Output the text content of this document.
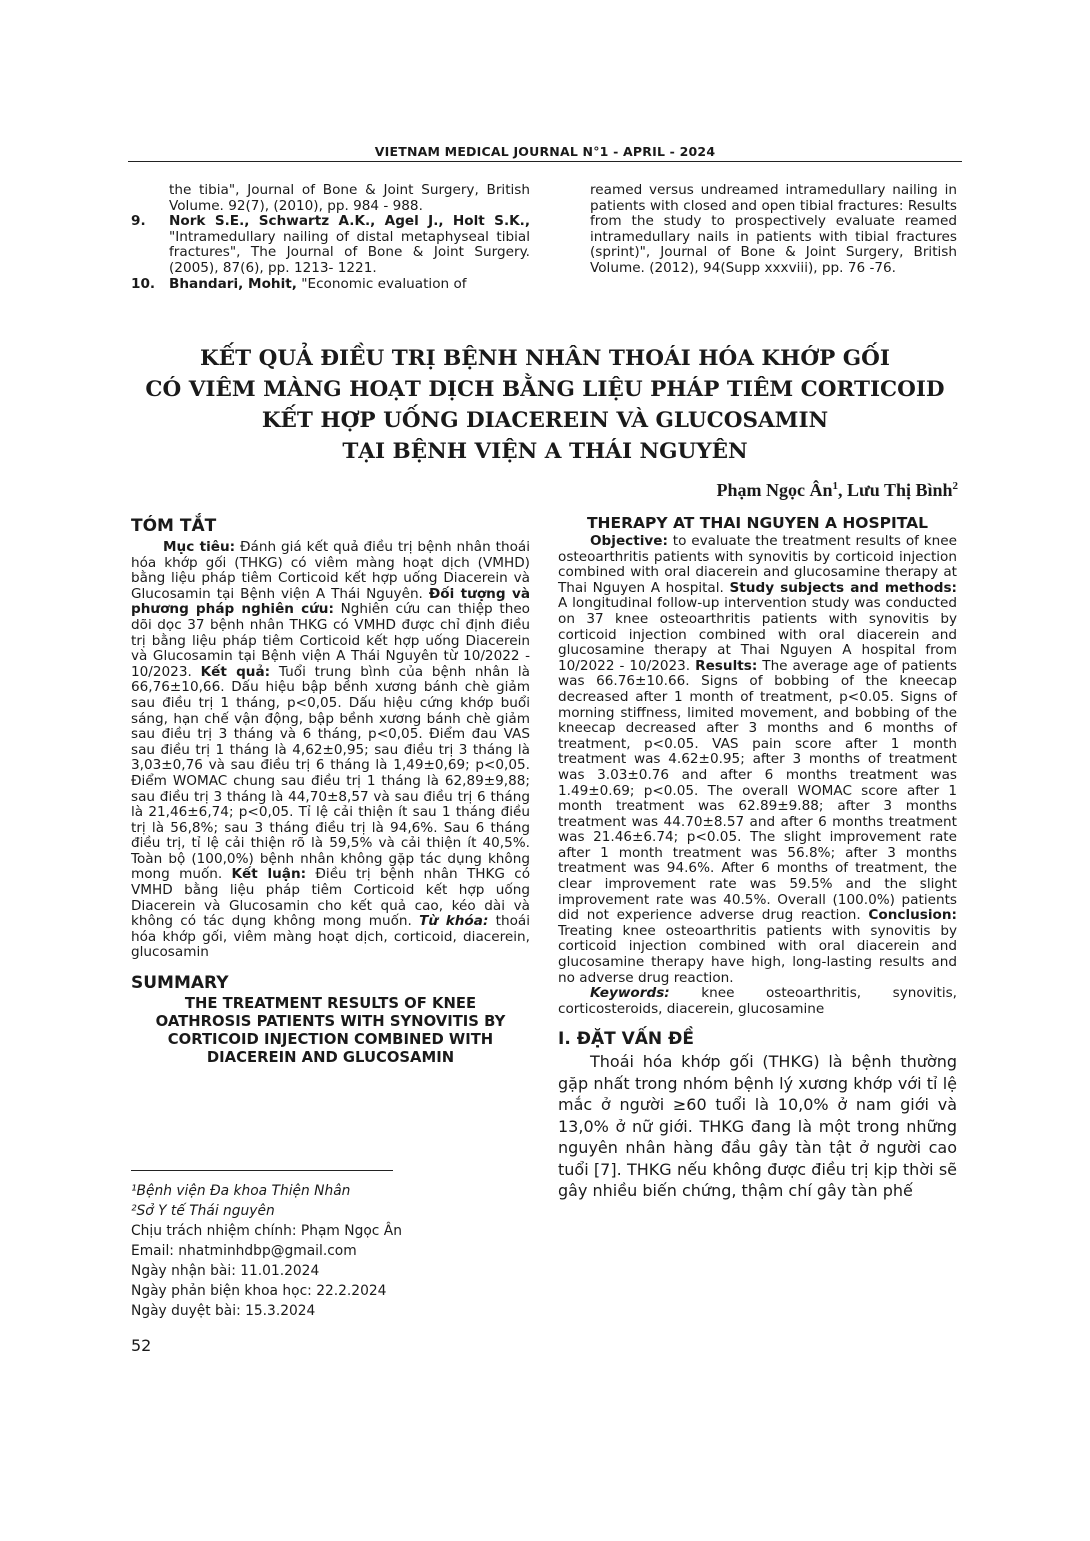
VIETNAM MEDICAL JOURNAL N°1 - APRIL - 2024

the tibia", Journal of Bone & Joint Surgery, British Volume. 92(7), (2010), pp. 984 - 988.

9. Nork S.E., Schwartz A.K., Agel J., Holt S.K., "Intramedullary nailing of distal metaphyseal tibial fractures", The Journal of Bone & Joint Surgery. (2005), 87(6), pp. 1213- 1221.

10. Bhandari, Mohit, "Economic evaluation of

reamed versus undreamed intramedullary nailing in patients with closed and open tibial fractures: Results from the study to prospectively evaluate reamed intramedullary nails in patients with tibial fractures (sprint)", Journal of Bone & Joint Surgery, British Volume. (2012), 94(Supp xxxviii), pp. 76 -76.

KẾT QUẢ ĐIỀU TRỊ BỆNH NHÂN THOÁI HÓA KHỚP GỐI
CÓ VIÊM MÀNG HOẠT DỊCH BẰNG LIỆU PHÁP TIÊM CORTICOID
KẾT HỢP UỐNG DIACEREIN VÀ GLUCOSAMIN
TẠI BỆNH VIỆN A THÁI NGUYÊN
Phạm Ngọc $Ân^1$, Lưu Thị Bình$^2$

TÓM TẮT

Mục tiêu: Đánh giá kết quả điều trị bệnh nhân thoái hóa khớp gối (THKG) có viêm màng hoạt dịch (VMHD) bằng liệu pháp tiêm Corticoid kết hợp uống Diacerein và Glucosamin tại Bệnh viện A Thái Nguyên. Đối tượng và phương pháp nghiên cứu: Nghiên cứu can thiệp theo dõi dọc 37 bệnh nhân THKG có VMHD được chỉ định điều trị bằng liệu pháp tiêm Corticoid kết hợp uống Diacerein và Glucosamin tại Bệnh viện A Thái Nguyên từ 10/2022 - 10/2023. Kết quả: Tuổi trung bình của bệnh nhân là 66,76±10,66. Dấu hiệu bập bềnh xương bánh chè giảm sau điều trị 1 tháng, p<0,05. Dấu hiệu cứng khớp buổi sáng, hạn chế vận động, bập bềnh xương bánh chè giảm sau điều trị 3 tháng và 6 tháng, p<0,05. Điểm đau VAS sau điều trị 1 tháng là 4,62±0,95; sau điều trị 3 tháng là 3,03±0,76 và sau điều trị 6 tháng là 1,49±0,69; p<0,05. Điểm WOMAC chung sau điều trị 1 tháng là 62,89±9,88; sau điều trị 3 tháng là 44,70±8,57 và sau điều trị 6 tháng là 21,46±6,74; p<0,05. Tỉ lệ cải thiện ít sau 1 tháng điều trị là 56,8%; sau 3 tháng điều trị là 94,6%. Sau 6 tháng điều trị, tỉ lệ cải thiện rõ là 59,5% và cải thiện ít 40,5%. Toàn bộ (100,0%) bệnh nhân không gặp tác dụng không mong muốn. Kết luận: Điều trị bệnh nhân THKG có VMHD bằng liệu pháp tiêm Corticoid kết hợp uống Diacerein và Glucosamin cho kết quả cao, kéo dài và không có tác dụng không mong muốn. Từ khóa: thoái hóa khớp gối, viêm màng hoạt dịch, corticoid, diacerein, glucosamin

SUMMARY

THE TREATMENT RESULTS OF KNEE OATHROSIS PATIENTS WITH SYNOVITIS BY CORTICOID INJECTION COMBINED WITH DIACEREIN AND GLUCOSAMIN
¹Bệnh viện Đa khoa Thiện Nhân
²Sở Y tế Thái nguyên
Chịu trách nhiệm chính: Phạm Ngọc Ân
Email: nhatminhdbp@gmail.com
Ngày nhận bài: 11.01.2024
Ngày phản biện khoa học: 22.2.2024
Ngày duyệt bài: 15.3.2024
52
THERAPY AT THAI NGUYEN A HOSPITAL

Objective: to evaluate the treatment results of knee osteoarthritis patients with synovitis by corticoid injection combined with oral diacerein and glucosamine therapy at Thai Nguyen A hospital. Study subjects and methods: A longitudinal follow-up intervention study was conducted on 37 knee osteoarthritis patients with synovitis by corticoid injection combined with oral diacerein and glucosamine therapy at Thai Nguyen A hospital from 10/2022 - 10/2023. Results: The average age of patients was 66.76±10.66. Signs of bobbing of the kneecap decreased after 1 month of treatment, p<0.05. Signs of morning stiffness, limited movement, and bobbing of the kneecap decreased after 3 months and 6 months of treatment, p<0.05. VAS pain score after 1 month treatment was 4.62±0.95; after 3 months of treatment was 3.03±0.76 and after 6 months treatment was 1.49±0.69; p<0.05. The overall WOMAC score after 1 month treatment was 62.89±9.88; after 3 months treatment was 44.70±8.57 and after 6 months treatment was 21.46±6.74; p<0.05. The slight improvement rate after 1 month treatment was 56.8%; after 3 months treatment was 94.6%. After 6 months of treatment, the clear improvement rate was 59.5% and the slight improvement rate was 40.5%. Overall (100.0%) patients did not experience adverse drug reaction. Conclusion: Treating knee osteoarthritis patients with synovitis by corticoid injection combined with oral diacerein and glucosamine therapy have high, long-lasting results and no adverse drug reaction.

Keywords: knee osteoarthritis, synovitis, corticosteroids, diacerein, glucosamine

I. ĐẶT VẤN ĐỀ

Thoái hóa khớp gối (THKG) là bệnh thường gặp nhất trong nhóm bệnh lý xương khớp với tỉ lệ mắc ở người ≥60 tuổi là 10,0% ở nam giới và 13,0% ở nữ giới. THKG đang là một trong những nguyên nhân hàng đầu gây tàn tật ở người cao tuổi [7]. THKG nếu không được điều trị kịp thời sẽ gây nhiều biến chứng, thậm chí gây tàn phế
